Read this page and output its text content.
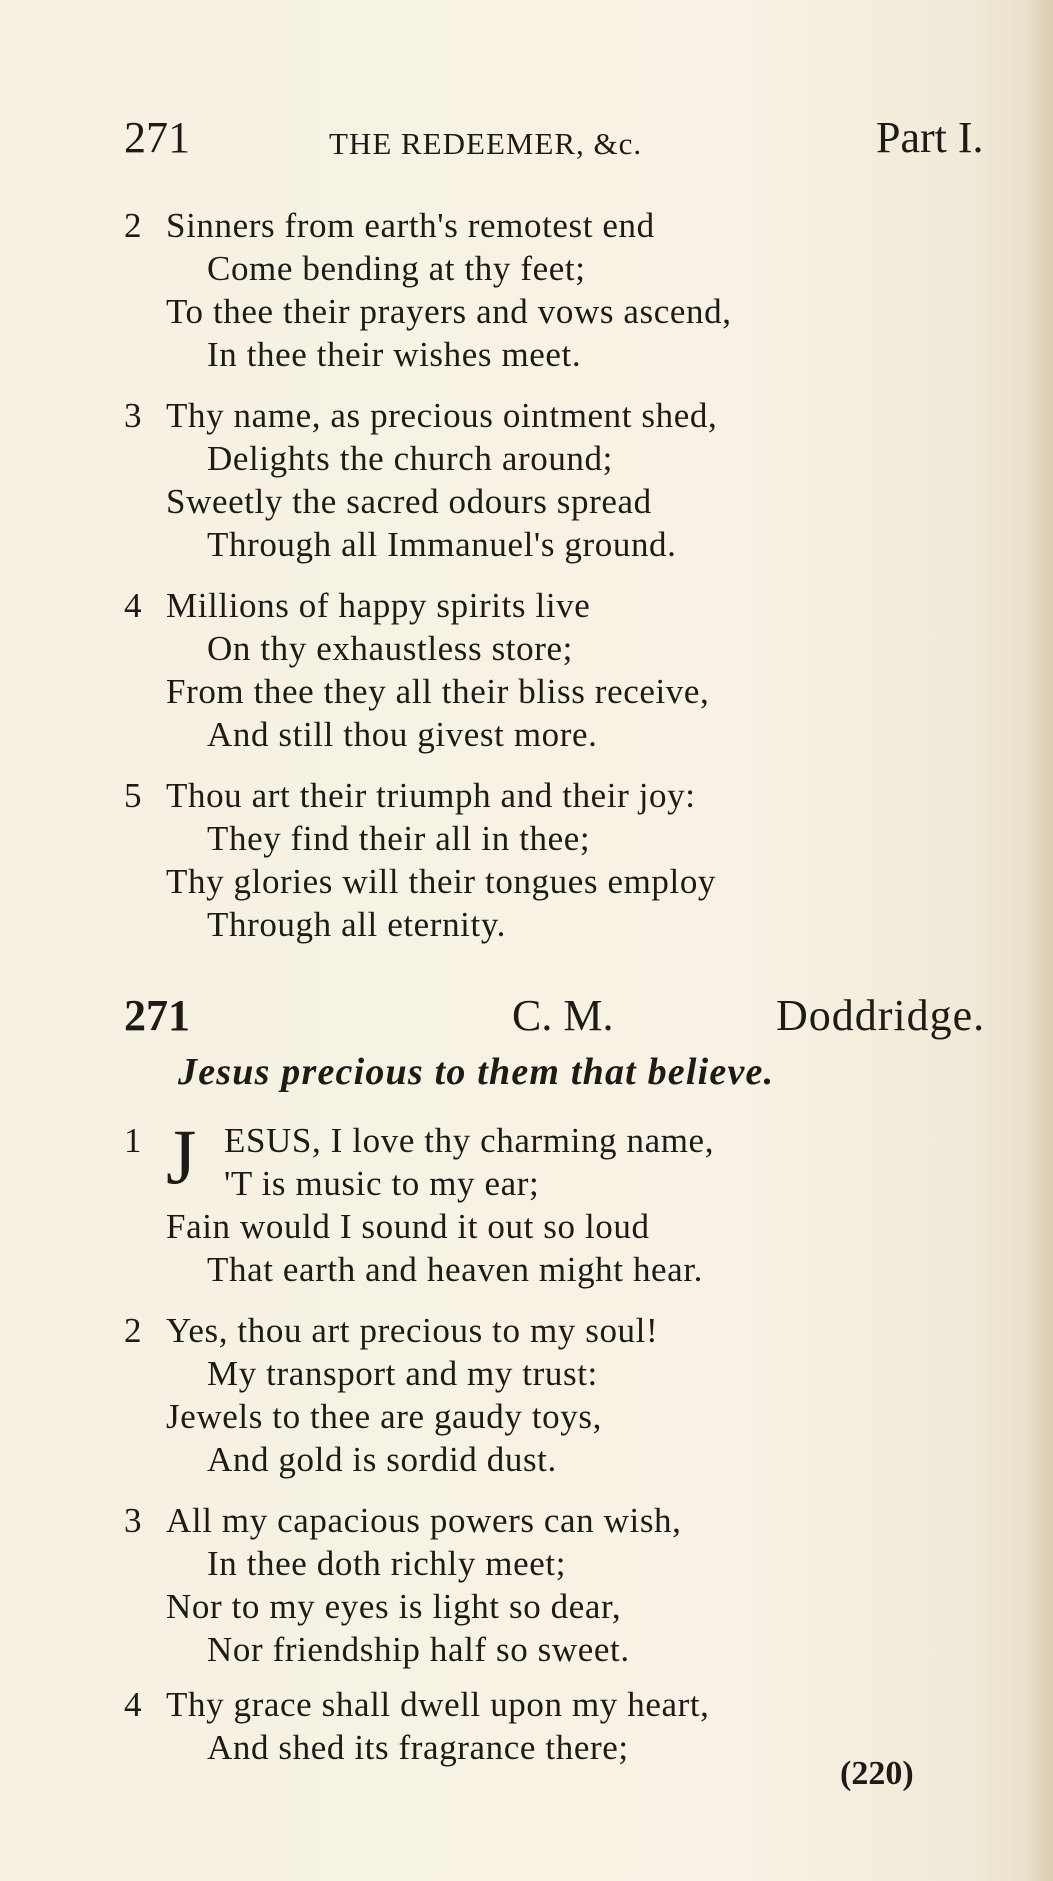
271	THE REDEEMER, &c.	Part I.
2 Sinners from earth's remotest end
Come bending at thy feet;
To thee their prayers and vows ascend,
In thee their wishes meet.
3 Thy name, as precious ointment shed,
Delights the church around;
Sweetly the sacred odours spread
Through all Immanuel's ground.
4 Millions of happy spirits live
On thy exhaustless store;
From thee they all their bliss receive,
And still thou givest more.
5 Thou art their triumph and their joy:
They find their all in thee;
Thy glories will their tongues employ
Through all eternity.
271	C. M.	Doddridge.
Jesus precious to them that believe.
1 J ESUS, I love thy charming name,
'T is music to my ear;
Fain would I sound it out so loud
That earth and heaven might hear.
2 Yes, thou art precious to my soul!
My transport and my trust:
Jewels to thee are gaudy toys,
And gold is sordid dust.
3 All my capacious powers can wish,
In thee doth richly meet;
Nor to my eyes is light so dear,
Nor friendship half so sweet.
4 Thy grace shall dwell upon my heart,
And shed its fragrance there;
(220)
